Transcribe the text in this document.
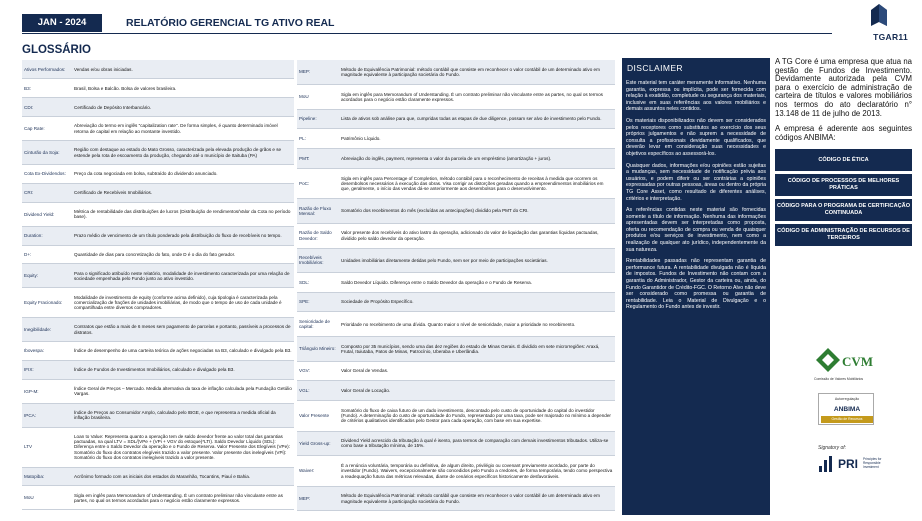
JAN - 2024	RELATÓRIO GERENCIAL TG ATIVO REAL
TGAR11
GLOSSÁRIO
Ativos Performados:	Vendas e/ou obras iniciadas.
B3:	Brasil, Bolsa e Balcão. Bolsa de valores brasileira.
CDI:	Certificado de Depósito Interbancário.
Cap Rate:	Abreviação do termo em inglês "capitalization rate". De forma simples, é quanto determinado imóvel retorna de capital em relação ao montante investido.
Cinturão da Soja:	Região com destaque ao estado do Mato Grosso, caracterizada pela elevada produção de grãos e se estende pela rota de escoamento da produção, chegando até o município de Itaituba (PA)
Cota Ex-Dividendos:	Preço da cota negociada em bolsa, subtraído do dividendo anunciado.
CRI:	Certificado de Recebíveis Imobiliários.
Dividend Yield:	Métrica de rentabilidade das distribuições de lucros (Distribuição de rendimentos/Valor da Cota no período base).
Duration:	Prazo médio de vencimento de um título ponderado pela distribuição do fluxo de recebíveis no tempo.
D+:	Quantidade de dias para concretização do fato, onde D é o dia do fato gerador.
Equity:	Para o significado atribuído neste relatório, modalidade de investimento caracterizada por uma relação de sociedade empenhada pelo Fundo junto ao ativo investido.
Equity Fracionado:	Modalidade de investimento de equity (conforme acima definido), cuja tipologia é caracterizada pela comercialização de frações de unidades imobiliárias, de modo que o tempo de uso de cada unidade é compartilhada entre diversos compradores.
Inegibilidade:	Contratos que estão a mais de 6 meses sem pagamento de parcelas e portanto, passíveis a processos de distratos.
Ibovespa:	Índice de desempenho de uma carteira teórica de ações negociadas na B3, calculado e divulgado pela B3.
IFIX:	Índice de Fundos de Investimentos Imobiliários, calculado e divulgado pela B3.
IGP-M:	Índice Geral de Preços – Mercado. Medida alternativa da taxa de inflação calculada pela Fundação Getúlio Vargas.
IPCA:	Índice de Preços ao Consumidor Amplo, calculado pelo IBGE, e que representa a medida oficial da inflação brasileira.
LTV	Loan to Value: Representa quanto a operação tem de saldo devedor frente ao valor total das garantias pactuadas, na qual LTV = SDL/(VPe + (VPi + VGV do estoque)*LTI). Saldo Devedor Líquido (SDL): Diferença entre o Saldo Devedor da operação e o Fundo de Reserva. Valor Presente dos Elegíveis (VPe): Somatório do fluxo dos contratos elegíveis trazido a valor presente. Valor presente dos inelegíveis (VPi): Somatório do fluxo dos contratos inelegíveis trazido a valor presente.
Matopiba:	Acrônimo formado com as iniciais dos estados do Maranhão, Tocantins, Piauí e Bahia.
MoU	Sigla em inglês para Memorandum of Understanding. É um contrato preliminar não vinculante entre as partes, no qual os termos acordados para o negócio estão claramente expressos.
MEP:	Método de Equivalência Patrimonial: método contábil que consiste em reconhecer o valor contábil de um determinado ativo em magnitude equivalente à participação societária do Fundo.
MoU	Sigla em inglês para Memorandum of Understanding. É um contrato preliminar não vinculante entre as partes, no qual os termos acordados para o negócio estão claramente expressos.
Pipeline:	Lista de ativos sob análise para que, cumpridas todas as etapas de due diligence, possam ser alvo de investimento pelo Fundo.
PL:	Patrimônio Líquido.
PMT:	Abreviação do inglês, payment, representa o valor da parcela de um empréstimo (amortização + juros).
PoC:	Sigla em inglês para Percentage of Completion, método contábil para o reconhecimento de receitas à medida que ocorrem os desembolsos necessários à execução das obras. Visa corrigir as distorções geradas quando a empreendimentos imobiliários em que, geralmente, o início das vendas dá-se anteriormente aos desembolsos para o desenvolvimento.
Razão de Fluxo Mensal:	Somatório dos recebimentos do mês (excluídas as antecipações) dividido pela PMT do CRI.
Razão de Saldo Devedor:	Valor presente dos recebíveis do ativo lastro da operação, adicionado do valor de liquidação das garantias líquidas pactuadas, dividido pelo saldo devedor da operação.
Recebíveis Imobiliários:	Unidades imobiliárias diretamente detidas pelo Fundo, sem ser por meio de participações societárias.
SDL:	Saldo Devedor Líquido. Diferença entre o Saldo Devedor da operação e o Fundo de Reserva.
SPE:	Sociedade de Propósito Específico.
Senioridade de capital:	Prioridade no recebimento de uma dívida. Quanto maior o nível de senioridade, maior a prioridade no recebimento.
Triângulo Mineiro:	Composto por 35 municípios, sendo uma das dez regiões do estado de Minas Gerais. É dividido em sete microrregiões: Araxá, Frutal, Ituiutaba, Patos de Minas, Patrocínio, Uberaba e Uberlândia.
VGV:	Valor Geral de Vendas.
VGL:	Valor Geral de Locação.
Valor Presente	Somatório do fluxo de caixa futuro de um dado investimento, descontado pelo custo de oportunidade do capital do investidor (Fundo). A determinação do custo de oportunidade do Fundo, representado por uma taxa, pode ser majorado no mínimo a depender de critérios qualitativos identificados pelo Gestor para cada operação, com base em sua expertise.
Yield Gross-up:	Dividend Yield acrescido da tributação à qual é isento, para termos de comparação com demais investimentos tributados. Utiliza-se como base a tributação mínima, de 15%.
Waiver:	É a renúncia voluntária, temporária ou definitiva, de algum direito, privilégio ou covenant previamente acordado, por parte do investidor (Fundo). Waivers, excepcionalmente são concedidos pelo Fundo a credores, de forma temporária, tendo como perspectiva a readequação futura das métricas relevadas, diante de cenários específicos historicamente desfavoráveis.
MEP:	Método de Equivalência Patrimonial: método contábil que consiste em reconhecer o valor contábil de um determinado ativo em magnitude equivalente à participação societária do Fundo.
DISCLAIMER

Este material tem caráter meramente informativo. Nenhuma garantia, expressa ou implícita, pode ser fornecida com relação à exatidão, completude ou segurança dos materiais, inclusive em suas referências aos valores mobiliários e demais assuntos neles contidos.

Os materiais disponibilizados não devem ser considerados pelos receptores como substitutos ao exercício dos seus próprios julgamentos e não suprem a necessidade de consulta a profissionais devidamente qualificados, que deverão levar em consideração suas necessidades e objetivos específicos ao assessorá-los.

Quaisquer dados, informações e/ou opiniões estão sujeitas a mudanças, sem necessidade de notificação prévia aos usuários, e podem diferir ou ser contrárias a opiniões expressadas por outras pessoas, áreas ou dentro da própria TG Core Asset, como resultado de diferentes análises, critérios e interpretação.

As referências contidas neste material são fornecidas somente a título de informação. Nenhuma das informações apresentadas devem ser interpretadas como proposta, oferta ou recomendação de compra ou venda de quaisquer produtos e/ou serviços de investimento, nem como a realização de qualquer ato jurídico, independentemente da sua natureza.

Rentabilidades passadas não representam garantia de performance futura. A rentabilidade divulgada não é líquida de impostos. Fundos de Investimento não contam com a garantia do Administrador, Gestor da carteira ou, ainda, do Fundo Garantidor de Crédito-FGC. O Retorno Alvo não deve ser considerado como promessa ou garantia de rentabilidade. Leia o Material de Divulgação e o Regulamento do Fundo antes de investir.

A TG Core é uma empresa que atua na gestão de Fundos de Investimento. Devidamente autorizada pela CVM para o exercício de administração de carteira de títulos e valores mobiliários nos termos do ato declaratório n° 13.148 de 11 de julho de 2013.

A empresa é aderente aos seguintes códigos ANBIMA:

CÓDIGO DE ÉTICA
CÓDIGO DE PROCESSOS DE MELHORES PRÁTICAS
CÓDIGO PARA O PROGRAMA DE CERTIFICAÇÃO CONTINUADA
CÓDIGO DE ADMINISTRAÇÃO DE RECURSOS DE TERCEIROS
CVM
Comissão de Valores Mobiliários
Autorregulação
ANBIMA
Gestão de Recursos
Signatory of:
PRI Principles for Responsible Investment
